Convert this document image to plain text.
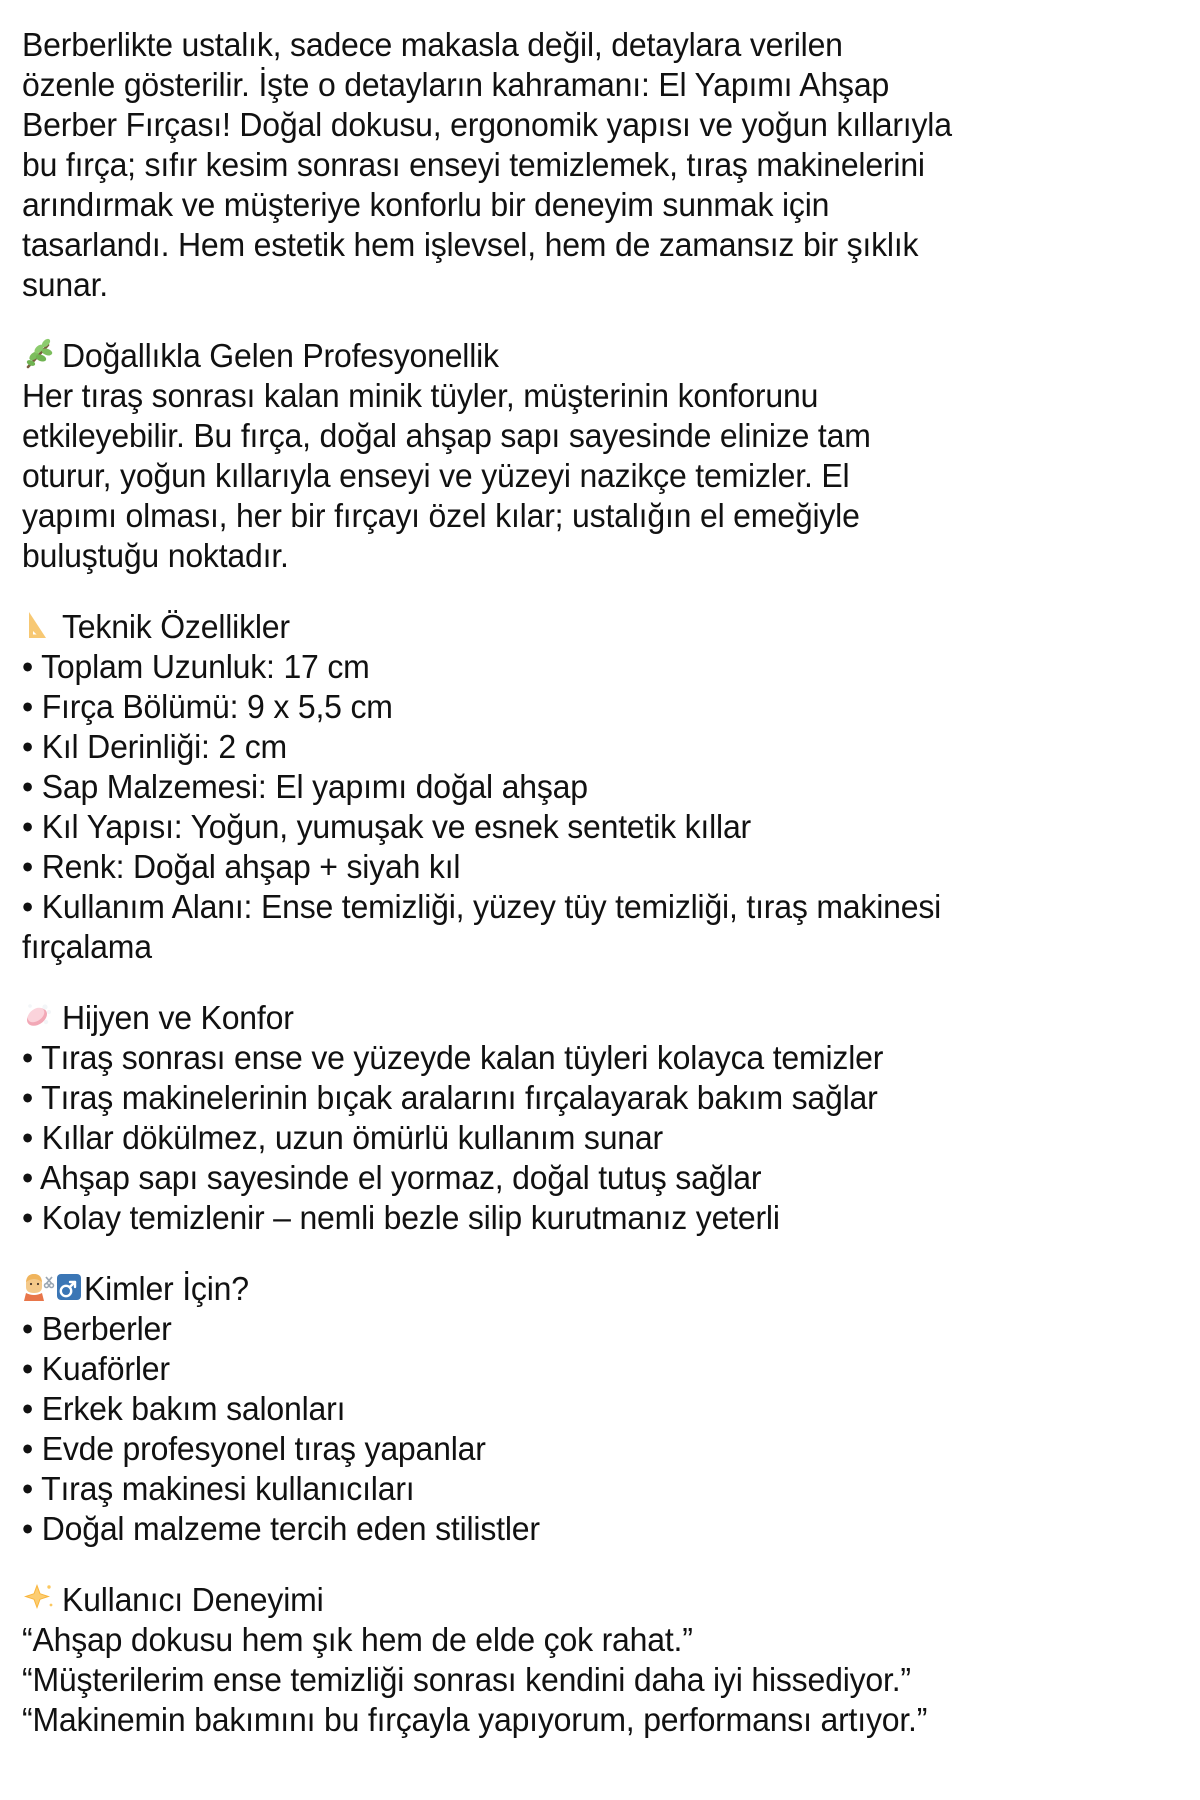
Berberlikte ustalık, sadece makasla değil, detaylara verilen
özenle gösterilir. İşte o detayların kahramanı: El Yapımı Ahşap
Berber Fırçası! Doğal dokusu, ergonomik yapısı ve yoğun kıllarıyla
bu fırça; sıfır kesim sonrası enseyi temizlemek, tıraş makinelerini
arındırmak ve müşteriye konforlu bir deneyim sunmak için
tasarlandı. Hem estetik hem işlevsel, hem de zamansız bir şıklık
sunar.

Doğallıkla Gelen Profesyonellik
Her tıraş sonrası kalan minik tüyler, müşterinin konforunu
etkileyebilir. Bu fırça, doğal ahşap sapı sayesinde elinize tam
oturur, yoğun kıllarıyla enseyi ve yüzeyi nazikçe temizler. El
yapımı olması, her bir fırçayı özel kılar; ustalığın el emeğiyle
buluştuğu noktadır.

Teknik Özellikler
• Toplam Uzunluk: 17 cm
• Fırça Bölümü: 9 x 5,5 cm
• Kıl Derinliği: 2 cm
• Sap Malzemesi: El yapımı doğal ahşap
• Kıl Yapısı: Yoğun, yumuşak ve esnek sentetik kıllar
• Renk: Doğal ahşap + siyah kıl
• Kullanım Alanı: Ense temizliği, yüzey tüy temizliği, tıraş makinesi
fırçalama

Hijyen ve Konfor
• Tıraş sonrası ense ve yüzeyde kalan tüyleri kolayca temizler
• Tıraş makinelerinin bıçak aralarını fırçalayarak bakım sağlar
• Kıllar dökülmez, uzun ömürlü kullanım sunar
• Ahşap sapı sayesinde el yormaz, doğal tutuş sağlar
• Kolay temizlenir – nemli bezle silip kurutmanız yeterli

Kimler İçin?
• Berberler
• Kuaförler
• Erkek bakım salonları
• Evde profesyonel tıraş yapanlar
• Tıraş makinesi kullanıcıları
• Doğal malzeme tercih eden stilistler

Kullanıcı Deneyimi
“Ahşap dokusu hem şık hem de elde çok rahat.”
“Müşterilerim ense temizliği sonrası kendini daha iyi hissediyor.”
“Makinemin bakımını bu fırçayla yapıyorum, performansı artıyor.”
